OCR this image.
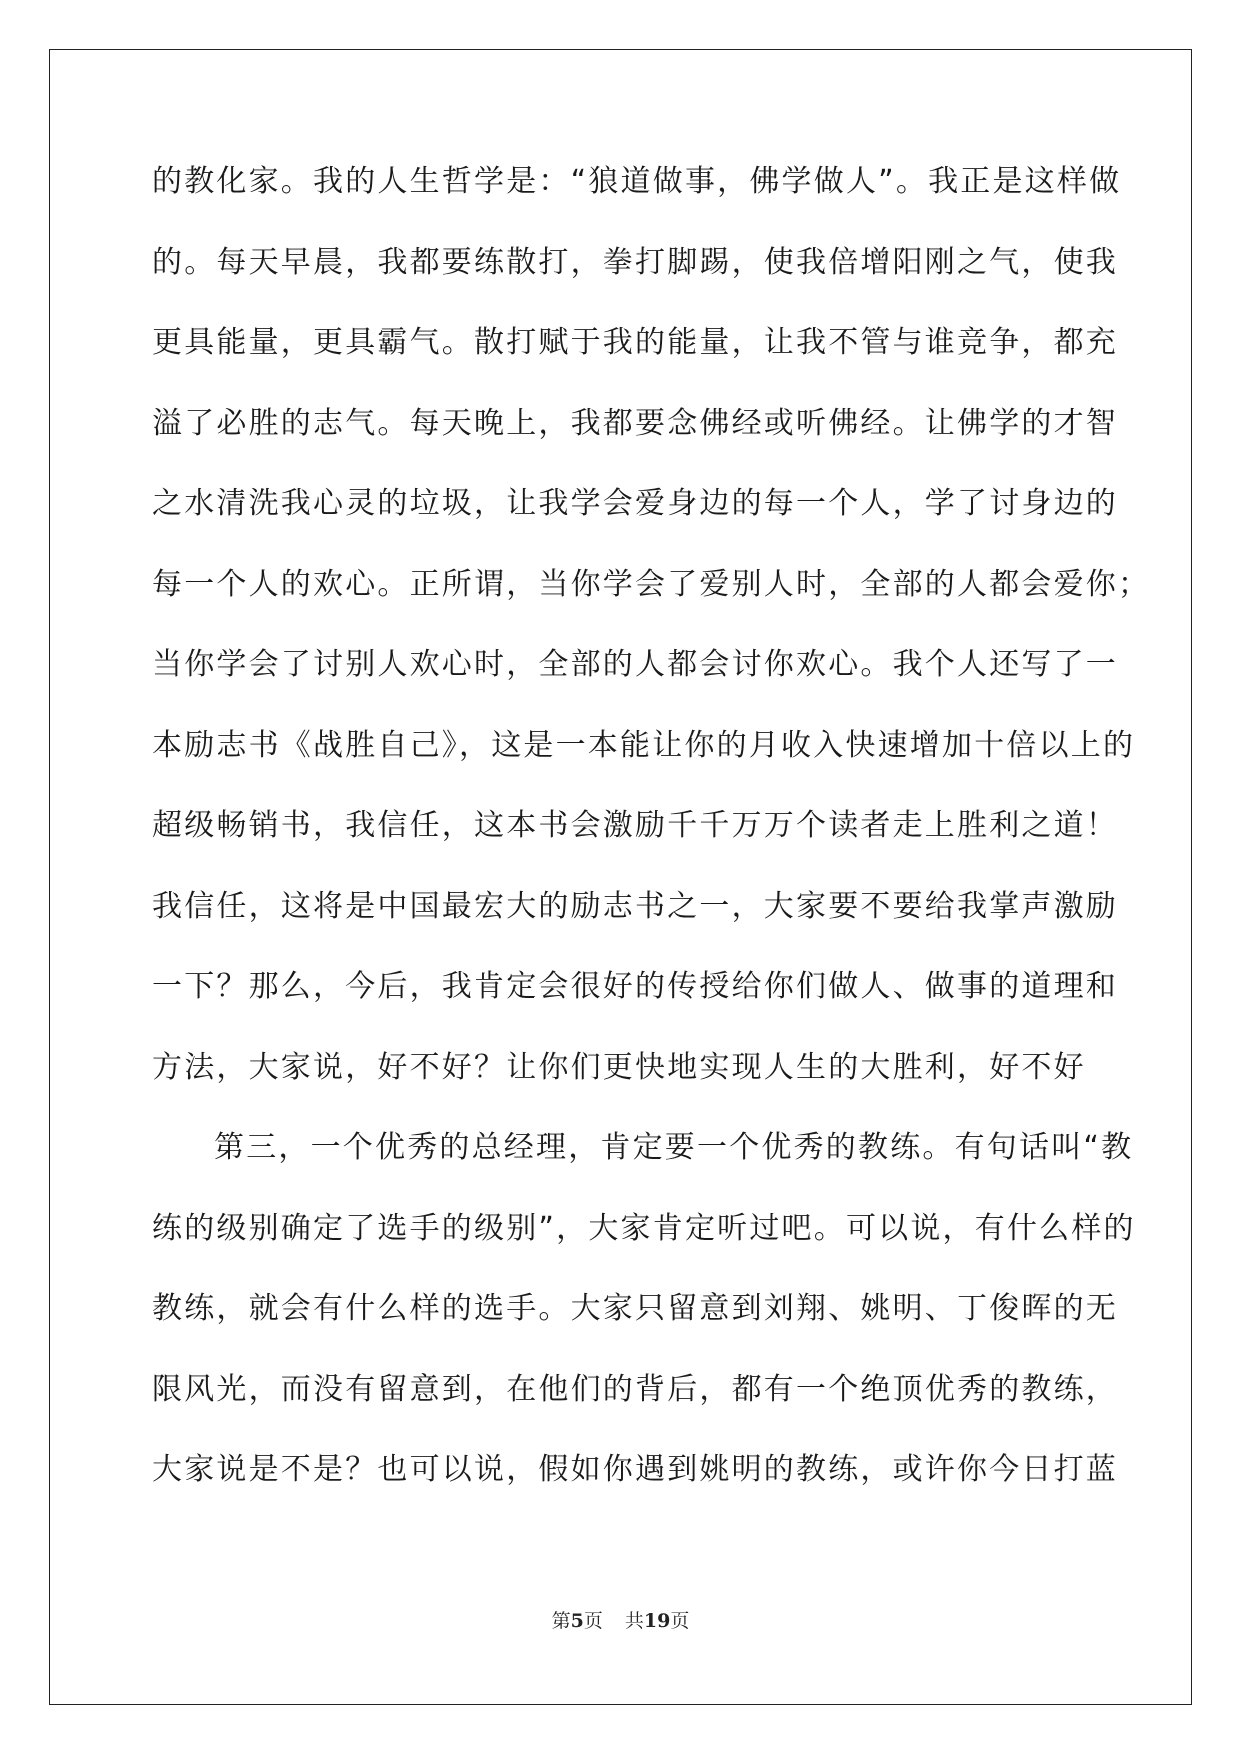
的教化家。我的人生哲学是：“狼道做事，佛学做人”。我正是这样做
的。每天早晨，我都要练散打，拳打脚踢，使我倍增阳刚之气，使我
更具能量，更具霸气。散打赋于我的能量，让我不管与谁竞争，都充
溢了必胜的志气。每天晚上，我都要念佛经或听佛经。让佛学的才智
之水清洗我心灵的垃圾，让我学会爱身边的每一个人，学了讨身边的
每一个人的欢心。正所谓，当你学会了爱别人时，全部的人都会爱你；
当你学会了讨别人欢心时，全部的人都会讨你欢心。我个人还写了一
本励志书《战胜自己》，这是一本能让你的月收入快速增加十倍以上的
超级畅销书，我信任，这本书会激励千千万万个读者走上胜利之道！
我信任，这将是中国最宏大的励志书之一，大家要不要给我掌声激励
一下？那么，今后，我肯定会很好的传授给你们做人、做事的道理和
方法，大家说，好不好？让你们更快地实现人生的大胜利，好不好
第三，一个优秀的总经理，肯定要一个优秀的教练。有句话叫“教
练的级别确定了选手的级别”，大家肯定听过吧。可以说，有什么样的
教练，就会有什么样的选手。大家只留意到刘翔、姚明、丁俊晖的无
限风光，而没有留意到，在他们的背后，都有一个绝顶优秀的教练，
大家说是不是？也可以说，假如你遇到姚明的教练，或许你今日打蓝
第5页 共19页
